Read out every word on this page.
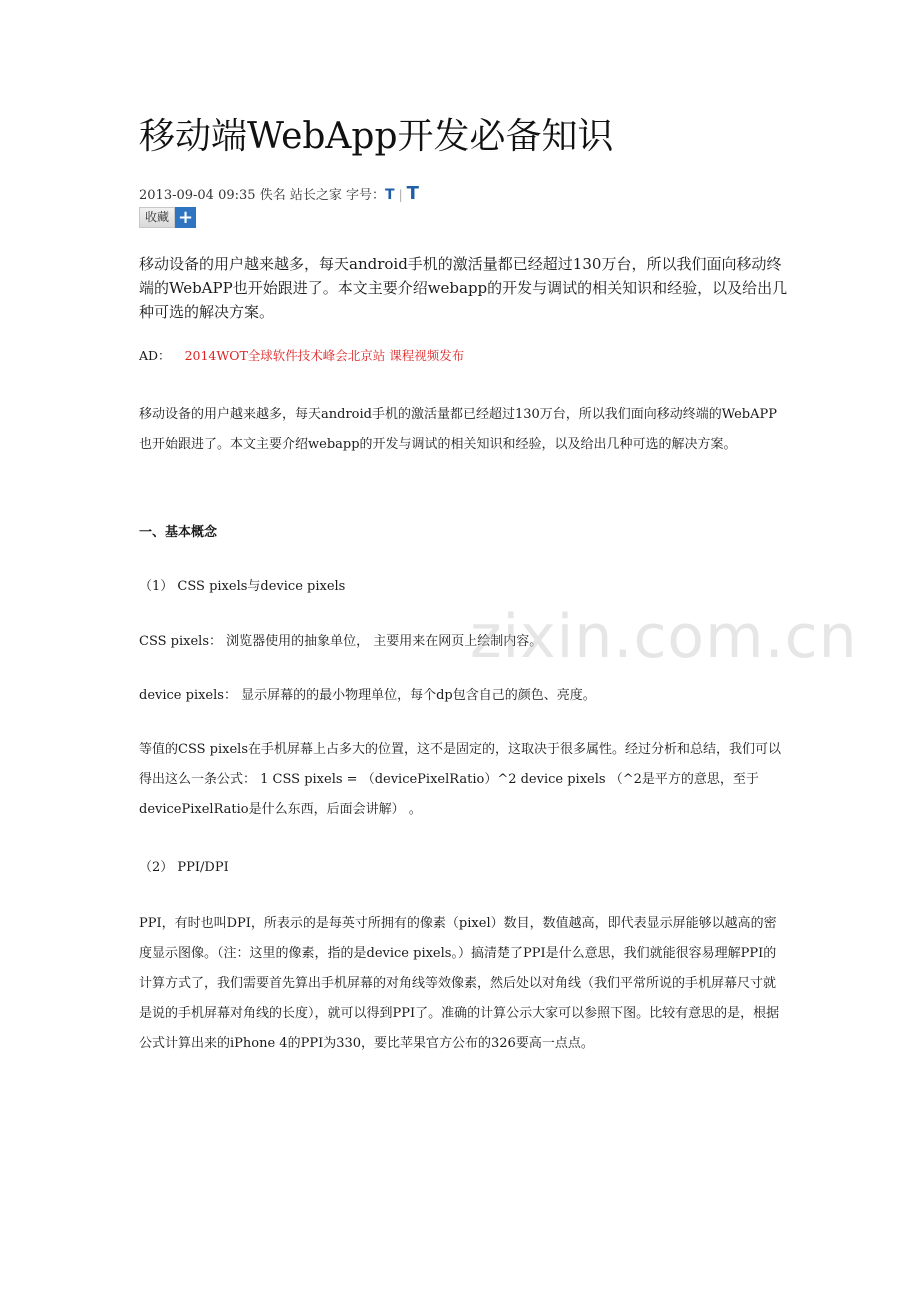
移动端WebApp开发必备知识
2013-09-04 09:35 佚名 站长之家 字号：T | T
收藏 +

移动设备的用户越来越多，每天android手机的激活量都已经超过130万台，所以我们面向移动终端的WebAPP也开始跟进了。本文主要介绍webapp的开发与调试的相关知识和经验，以及给出几种可选的解决方案。

AD： 2014WOT全球软件技术峰会北京站 课程视频发布

移动设备的用户越来越多，每天android手机的激活量都已经超过130万台，所以我们面向移动终端的WebAPP也开始跟进了。本文主要介绍webapp的开发与调试的相关知识和经验，以及给出几种可选的解决方案。

一、基本概念

（1） CSS pixels与device pixels

CSS pixels： 浏览器使用的抽象单位， 主要用来在网页上绘制内容。

device pixels： 显示屏幕的的最小物理单位，每个dp包含自己的颜色、亮度。

等值的CSS pixels在手机屏幕上占多大的位置，这不是固定的，这取决于很多属性。经过分析和总结，我们可以得出这么一条公式： 1 CSS pixels = （devicePixelRatio）^2 device pixels （^2是平方的意思，至于 devicePixelRatio是什么东西，后面会讲解） 。

（2） PPI/DPI

PPI，有时也叫DPI，所表示的是每英寸所拥有的像素（pixel）数目，数值越高，即代表显示屏能够以越高的密度显示图像。（注：这里的像素，指的是device pixels。）搞清楚了PPI是什么意思，我们就能很容易理解PPI的计算方式了，我们需要首先算出手机屏幕的对角线等效像素，然后处以对角线（我们平常所说的手机屏幕尺寸就是说的手机屏幕对角线的长度），就可以得到PPI了。准确的计算公示大家可以参照下图。比较有意思的是，根据公式计算出来的iPhone 4的PPI为330，要比苹果官方公布的326要高一点点。

zixin.com.cn
